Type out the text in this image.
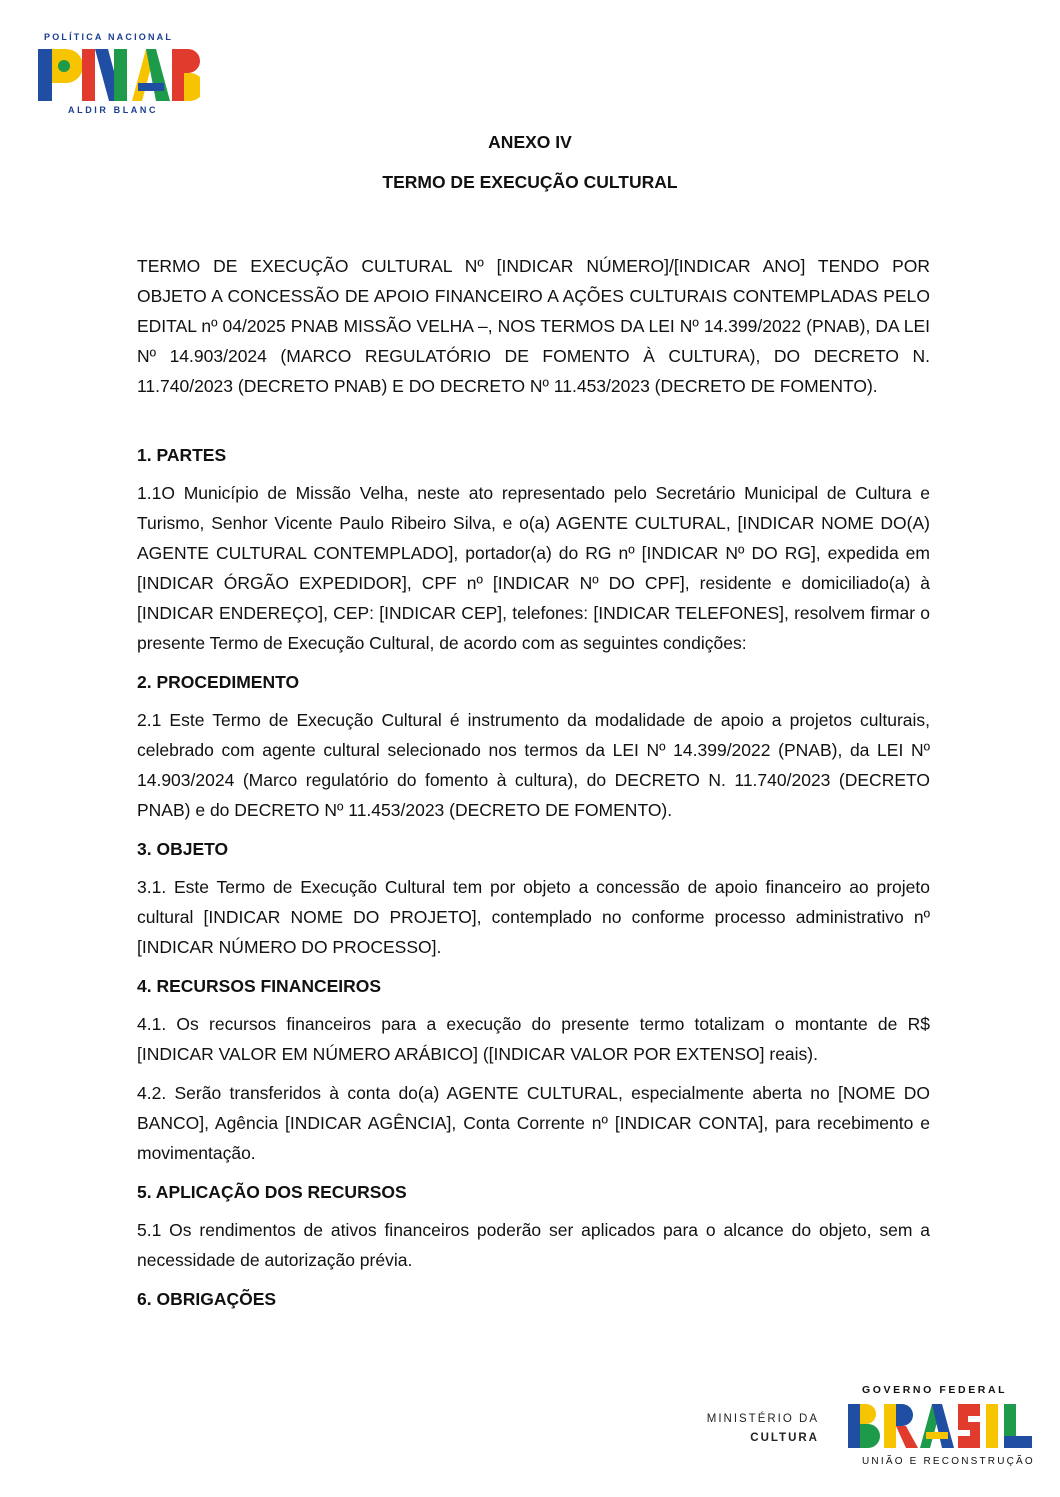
POLÍTICA NACIONAL
ALDIR BLANC
ANEXO IV
TERMO DE EXECUÇÃO CULTURAL

TERMO DE EXECUÇÃO CULTURAL Nº [INDICAR NÚMERO]/[INDICAR ANO] TENDO POR OBJETO A CONCESSÃO DE APOIO FINANCEIRO A AÇÕES CULTURAIS CONTEMPLADAS PELO EDITAL nº 04/2025 PNAB MISSÃO VELHA –, NOS TERMOS DA LEI Nº 14.399/2022 (PNAB), DA LEI Nº 14.903/2024 (MARCO REGULATÓRIO DE FOMENTO À CULTURA), DO DECRETO N. 11.740/2023 (DECRETO PNAB) E DO DECRETO Nº 11.453/2023 (DECRETO DE FOMENTO).

1. PARTES

1.1O Município de Missão Velha, neste ato representado pelo Secretário Municipal de Cultura e Turismo, Senhor Vicente Paulo Ribeiro Silva, e o(a) AGENTE CULTURAL, [INDICAR NOME DO(A) AGENTE CULTURAL CONTEMPLADO], portador(a) do RG nº [INDICAR Nº DO RG], expedida em [INDICAR ÓRGÃO EXPEDIDOR], CPF nº [INDICAR Nº DO CPF], residente e domiciliado(a) à [INDICAR ENDEREÇO], CEP: [INDICAR CEP], telefones: [INDICAR TELEFONES], resolvem firmar o presente Termo de Execução Cultural, de acordo com as seguintes condições:

2. PROCEDIMENTO

2.1 Este Termo de Execução Cultural é instrumento da modalidade de apoio a projetos culturais, celebrado com agente cultural selecionado nos termos da LEI Nº 14.399/2022 (PNAB), da LEI Nº 14.903/2024 (Marco regulatório do fomento à cultura), do DECRETO N. 11.740/2023 (DECRETO PNAB) e do DECRETO Nº 11.453/2023 (DECRETO DE FOMENTO).

3. OBJETO

3.1. Este Termo de Execução Cultural tem por objeto a concessão de apoio financeiro ao projeto cultural [INDICAR NOME DO PROJETO], contemplado no conforme processo administrativo nº [INDICAR NÚMERO DO PROCESSO].

4. RECURSOS FINANCEIROS

4.1. Os recursos financeiros para a execução do presente termo totalizam o montante de R$ [INDICAR VALOR EM NÚMERO ARÁBICO] ([INDICAR VALOR POR EXTENSO] reais).

4.2. Serão transferidos à conta do(a) AGENTE CULTURAL, especialmente aberta no [NOME DO BANCO], Agência [INDICAR AGÊNCIA], Conta Corrente nº [INDICAR CONTA], para recebimento e movimentação.

5. APLICAÇÃO DOS RECURSOS

5.1 Os rendimentos de ativos financeiros poderão ser aplicados para o alcance do objeto, sem a necessidade de autorização prévia.

6. OBRIGAÇÕES
MINISTÉRIO DA
CULTURA
GOVERNO FEDERAL
UNIÃO E RECONSTRUÇÃO
